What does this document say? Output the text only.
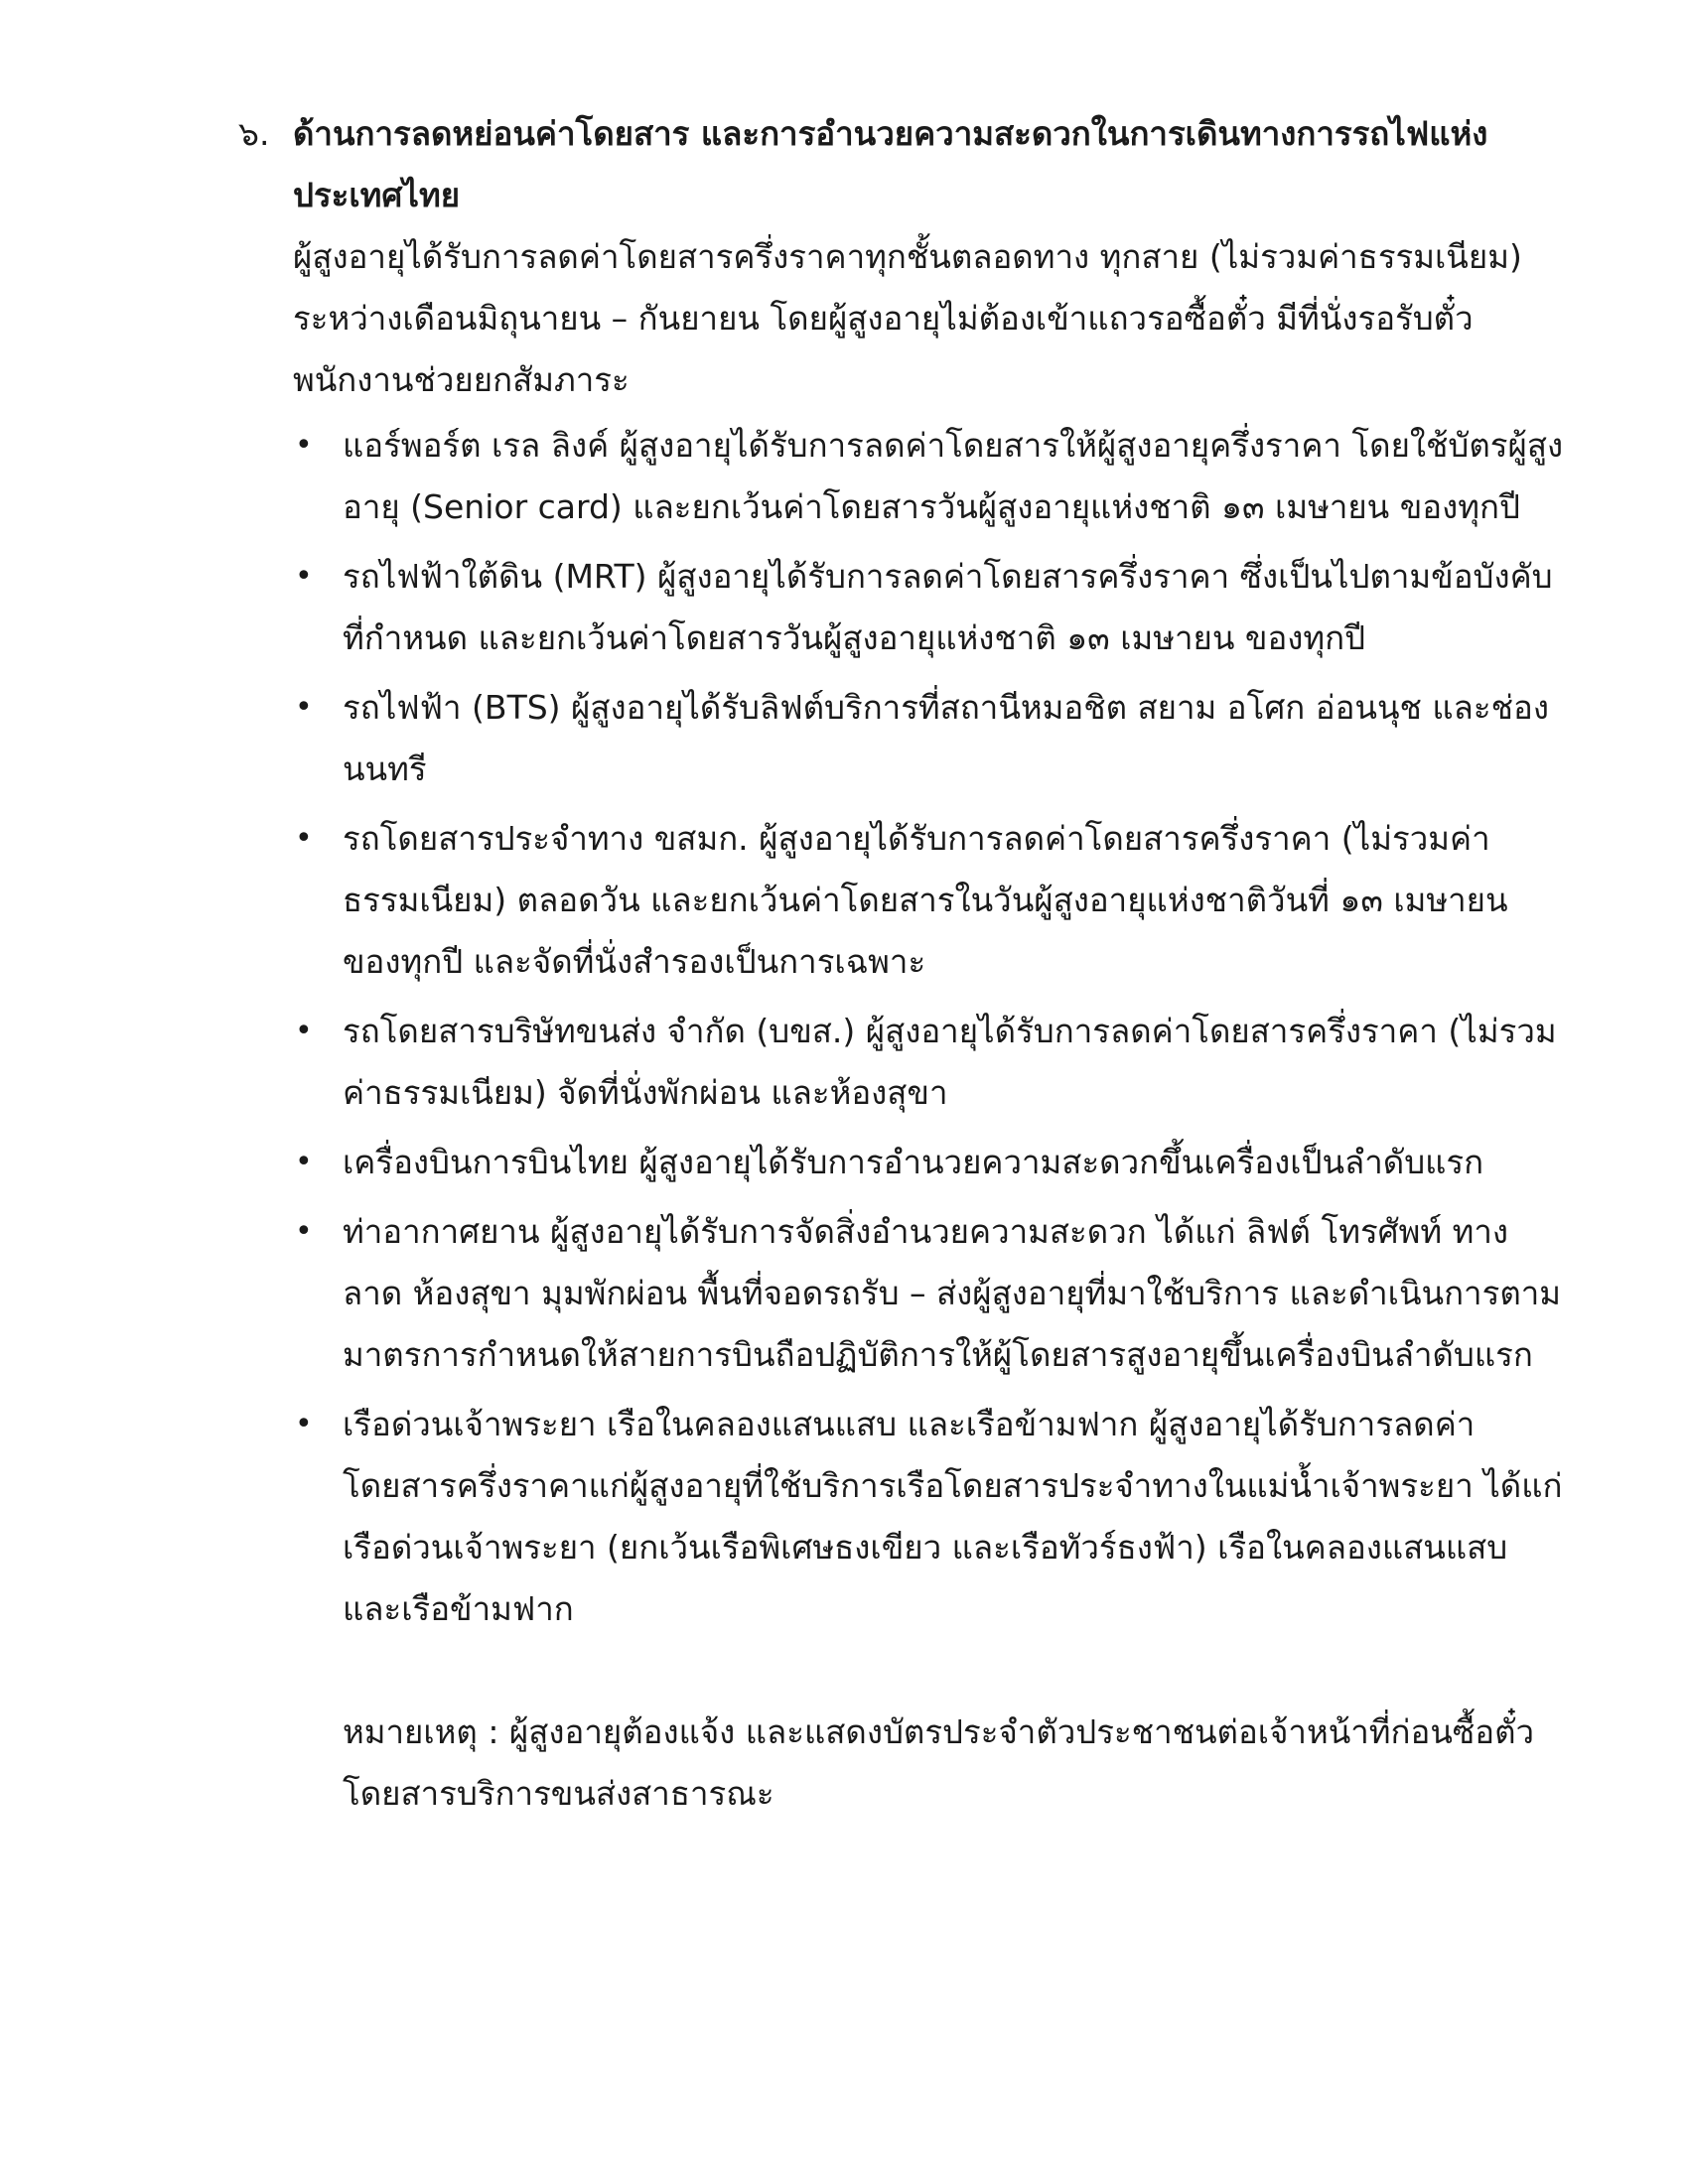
๖. ด้านการลดหย่อนค่าโดยสาร และการอำนวยความสะดวกในการเดินทางการรถไฟแห่งประเทศไทย
ผู้สูงอายุได้รับการลดค่าโดยสารครึ่งราคาทุกชั้นตลอดทาง ทุกสาย (ไม่รวมค่าธรรมเนียม) ระหว่างเดือนมิถุนายน – กันยายน โดยผู้สูงอายุไม่ต้องเข้าแถวรอซื้อตั๋ว มีที่นั่งรอรับตั๋ว พนักงานช่วยยกสัมภาระ
• แอร์พอร์ต เรล ลิงค์ ผู้สูงอายุได้รับการลดค่าโดยสารให้ผู้สูงอายุครึ่งราคา โดยใช้บัตรผู้สูงอายุ (Senior card) และยกเว้นค่าโดยสารวันผู้สูงอายุแห่งชาติ ๑๓ เมษายน ของทุกปี
• รถไฟฟ้าใต้ดิน (MRT) ผู้สูงอายุได้รับการลดค่าโดยสารครึ่งราคา ซึ่งเป็นไปตามข้อบังคับที่กำหนด และยกเว้นค่าโดยสารวันผู้สูงอายุแห่งชาติ ๑๓ เมษายน ของทุกปี
• รถไฟฟ้า (BTS) ผู้สูงอายุได้รับลิฟต์บริการที่สถานีหมอชิต สยาม อโศก อ่อนนุช และช่องนนทรี
• รถโดยสารประจำทาง ขสมก. ผู้สูงอายุได้รับการลดค่าโดยสารครึ่งราคา (ไม่รวมค่าธรรมเนียม) ตลอดวัน และยกเว้นค่าโดยสารในวันผู้สูงอายุแห่งชาติวันที่ ๑๓ เมษายน ของทุกปี และจัดที่นั่งสำรองเป็นการเฉพาะ
• รถโดยสารบริษัทขนส่ง จำกัด (บขส.) ผู้สูงอายุได้รับการลดค่าโดยสารครึ่งราคา (ไม่รวมค่าธรรมเนียม) จัดที่นั่งพักผ่อน และห้องสุขา
• เครื่องบินการบินไทย ผู้สูงอายุได้รับการอำนวยความสะดวกขึ้นเครื่องเป็นลำดับแรก
• ท่าอากาศยาน ผู้สูงอายุได้รับการจัดสิ่งอำนวยความสะดวก ได้แก่ ลิฟต์ โทรศัพท์ ทางลาด ห้องสุขา มุมพักผ่อน พื้นที่จอดรถรับ – ส่งผู้สูงอายุที่มาใช้บริการ และดำเนินการตามมาตรการกำหนดให้สายการบินถือปฏิบัติการให้ผู้โดยสารสูงอายุขึ้นเครื่องบินลำดับแรก
• เรือด่วนเจ้าพระยา เรือในคลองแสนแสบ และเรือข้ามฟาก ผู้สูงอายุได้รับการลดค่าโดยสารครึ่งราคาแก่ผู้สูงอายุที่ใช้บริการเรือโดยสารประจำทางในแม่น้ำเจ้าพระยา ได้แก่ เรือด่วนเจ้าพระยา (ยกเว้นเรือพิเศษธงเขียว และเรือทัวร์ธงฟ้า) เรือในคลองแสนแสบ และเรือข้ามฟาก
หมายเหตุ : ผู้สูงอายุต้องแจ้ง และแสดงบัตรประจำตัวประชาชนต่อเจ้าหน้าที่ก่อนซื้อตั๋วโดยสารบริการขนส่งสาธารณะ
